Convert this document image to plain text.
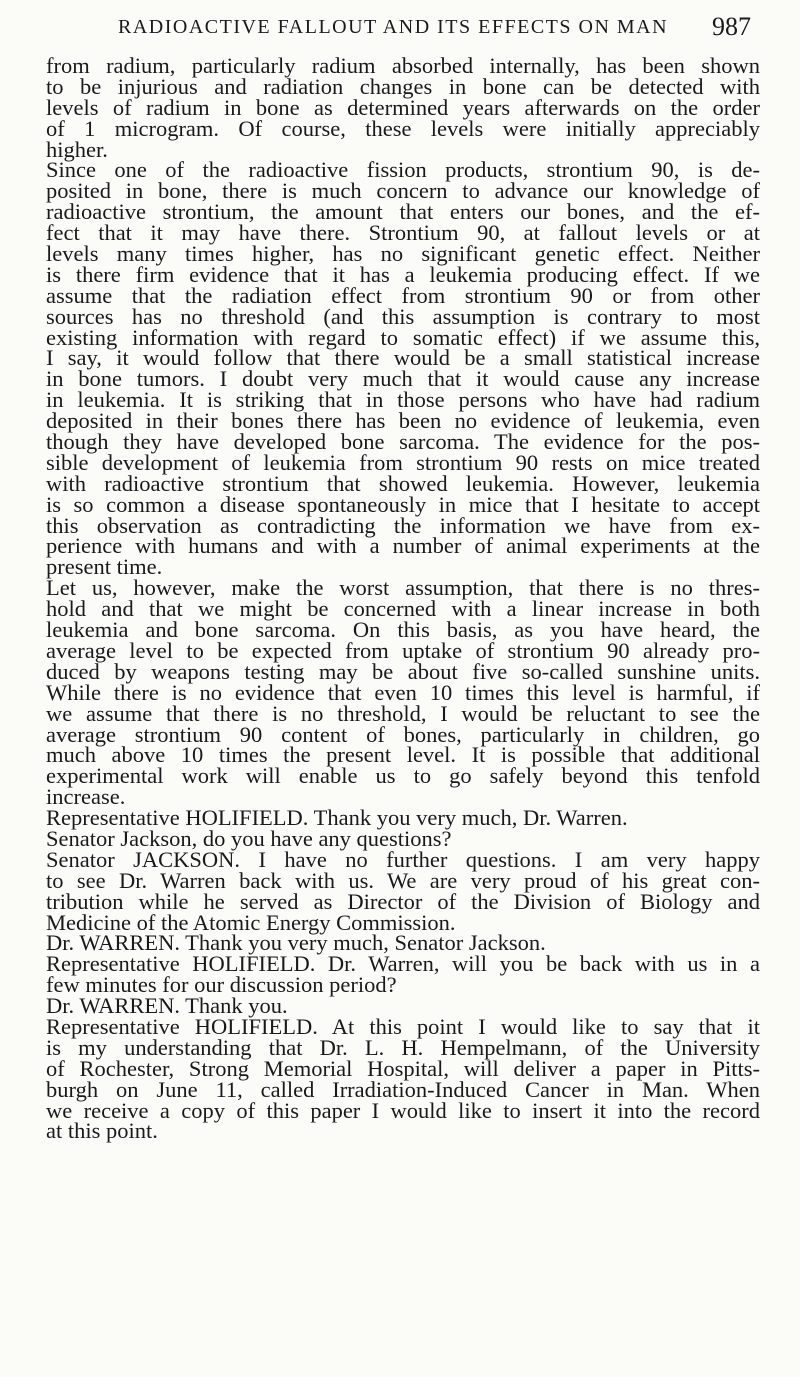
RADIOACTIVE FALLOUT AND ITS EFFECTS ON MAN	987
from radium, particularly radium absorbed internally, has been shown
to be injurious and radiation changes in bone can be detected with
levels of radium in bone as determined years afterwards on the order
of 1 microgram. Of course, these levels were initially appreciably
higher.
Since one of the radioactive fission products, strontium 90, is de-
posited in bone, there is much concern to advance our knowledge of
radioactive strontium, the amount that enters our bones, and the ef-
fect that it may have there. Strontium 90, at fallout levels or at
levels many times higher, has no significant genetic effect. Neither
is there firm evidence that it has a leukemia producing effect. If we
assume that the radiation effect from strontium 90 or from other
sources has no threshold (and this assumption is contrary to most
existing information with regard to somatic effect) if we assume this,
I say, it would follow that there would be a small statistical increase
in bone tumors. I doubt very much that it would cause any increase
in leukemia. It is striking that in those persons who have had radium
deposited in their bones there has been no evidence of leukemia, even
though they have developed bone sarcoma. The evidence for the pos-
sible development of leukemia from strontium 90 rests on mice treated
with radioactive strontium that showed leukemia. However, leukemia
is so common a disease spontaneously in mice that I hesitate to accept
this observation as contradicting the information we have from ex-
perience with humans and with a number of animal experiments at the
present time.
Let us, however, make the worst assumption, that there is no thres-
hold and that we might be concerned with a linear increase in both
leukemia and bone sarcoma. On this basis, as you have heard, the
average level to be expected from uptake of strontium 90 already pro-
duced by weapons testing may be about five so-called sunshine units.
While there is no evidence that even 10 times this level is harmful, if
we assume that there is no threshold, I would be reluctant to see the
average strontium 90 content of bones, particularly in children, go
much above 10 times the present level. It is possible that additional
experimental work will enable us to go safely beyond this tenfold
increase.
Representative HOLIFIELD. Thank you very much, Dr. Warren.
Senator Jackson, do you have any questions?
Senator JACKSON. I have no further questions. I am very happy
to see Dr. Warren back with us. We are very proud of his great con-
tribution while he served as Director of the Division of Biology and
Medicine of the Atomic Energy Commission.
Dr. WARREN. Thank you very much, Senator Jackson.
Representative HOLIFIELD. Dr. Warren, will you be back with us in a
few minutes for our discussion period?
Dr. WARREN. Thank you.
Representative HOLIFIELD. At this point I would like to say that it
is my understanding that Dr. L. H. Hempelmann, of the University
of Rochester, Strong Memorial Hospital, will deliver a paper in Pitts-
burgh on June 11, called Irradiation-Induced Cancer in Man. When
we receive a copy of this paper I would like to insert it into the record
at this point.
